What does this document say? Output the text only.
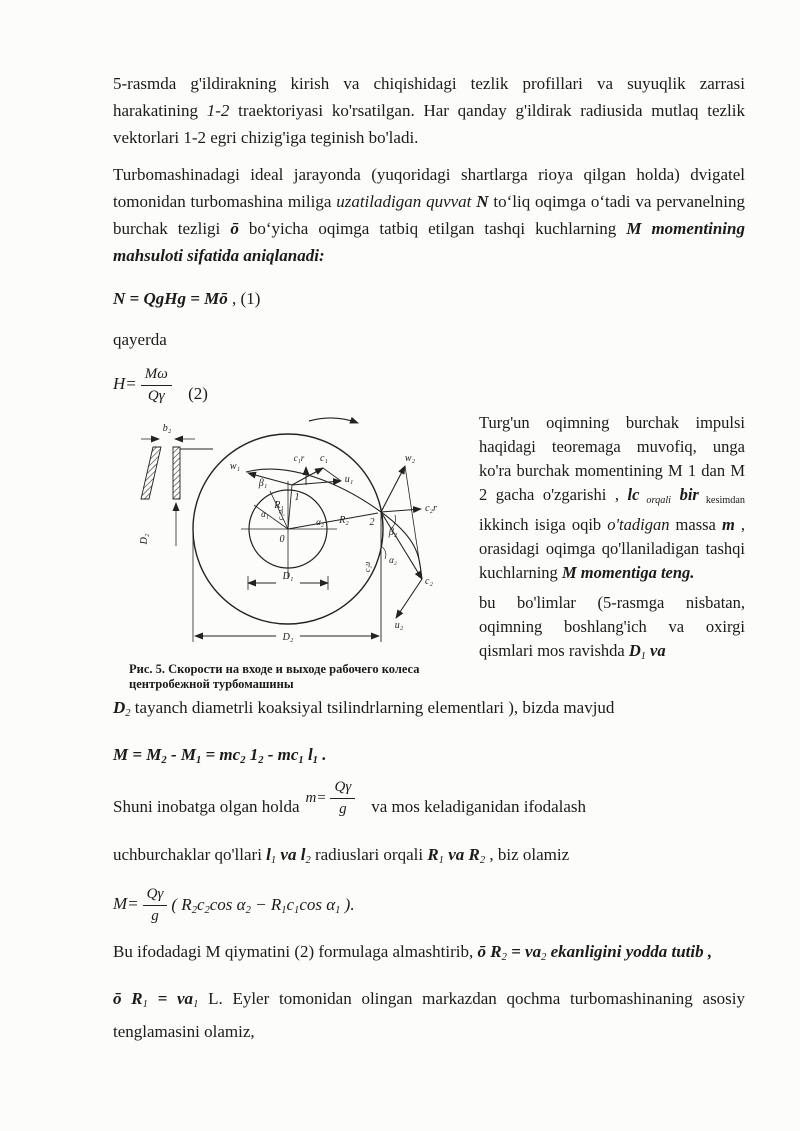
5-rasmda g'ildirakning kirish va chiqishidagi tezlik profillari va suyuqlik zarrasi harakatining 1-2 traektoriyasi ko'rsatilgan. Har qanday g'ildirak radiusida mutlaq tezlik vektorlari 1-2 egri chizig'iga teginish bo'ladi.

Turbomashinadagi ideal jarayonda (yuqoridagi shartlarga rioya qilgan holda) dvigatel tomonidan turbomashina miliga uzatiladigan quvvat N to‘liq oqimga o‘tadi va pervanelning burchak tezligi ō bo‘yicha oqimga tatbiq etilgan tashqi kuchlarning M momentining mahsuloti sifatida aniqlanadi:

N = QgHg = Mō , (1)

qayerda

$H= \frac{M\omega}{Q\gamma} (2)$
b₂
D₂
w₁
c₁r c₁
u₁
β₁
α₁
R₁
c₁u
1
0
R₂
α₂	2
w₂
c₂r
β₂
α₂
c₂u
c₂
u₂
D₁
D₂
Рис. 5. Скорости на входе и выходе рабочего колеса
центробежной турбомашины

Turg'un oqimning burchak impulsi haqidagi teoremaga muvofiq, unga ko'ra burchak momentining M 1 dan M 2 gacha o'zgarishi , lc $_{orqali}$ bir $_{kesimdan}$ ikkinch isiga oqib o'tadigan massa m , orasidagi oqimga qo'llaniladigan tashqi kuchlarning M momentiga teng.

bu bo'limlar (5-rasmga nisbatan, oqimning boshlang'ich va oxirgi qismlari mos ravishda $D_1$ va

$D_2$ tayanch diametrli koaksiyal tsilindrlarning elementlari ), bizda mavjud

$M = M_2 - M_1 = mc_2$ $1_2 - mc_1$ $l_1$ .

Shuni inobatga olgan holda $m= \frac{Q\gamma}{g}$ va mos keladiganidan ifodalash

uchburchaklar qo'llari $l_1$ va $l_2$ radiuslari orqali $R_1$ va $R_2$ , biz olamiz

$M= \frac{Q\gamma}{g}$ ( $R_2c_2\cos$ $\alpha_2 - R_1c_1\cos$ $\alpha_1$ ).

Bu ifodadagi M qiymatini (2) formulaga almashtirib, ō $R_2 = va_2$ ekanligini yodda tutib ,

ō $R_1 = va_1$ L. Eyler tomonidan olingan markazdan qochma turbomashinaning asosiy tenglamasini olamiz,
